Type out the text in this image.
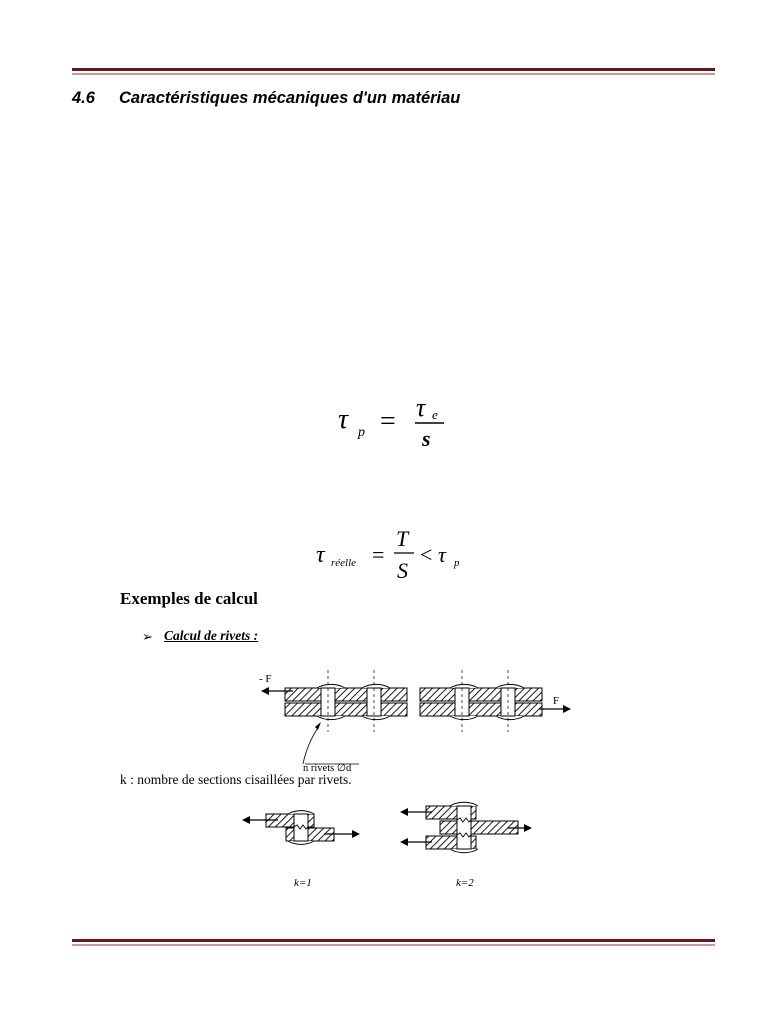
4.6 Caractéristiques mécaniques d'un matériau
τ p = τ e
s
τ réelle =
T
S
< τ p
Exemples de calcul
➢ Calcul de rivets :
- F
F
n rivets ∅d
k : nombre de sections cisaillées par rivets.
k=1	k=2
